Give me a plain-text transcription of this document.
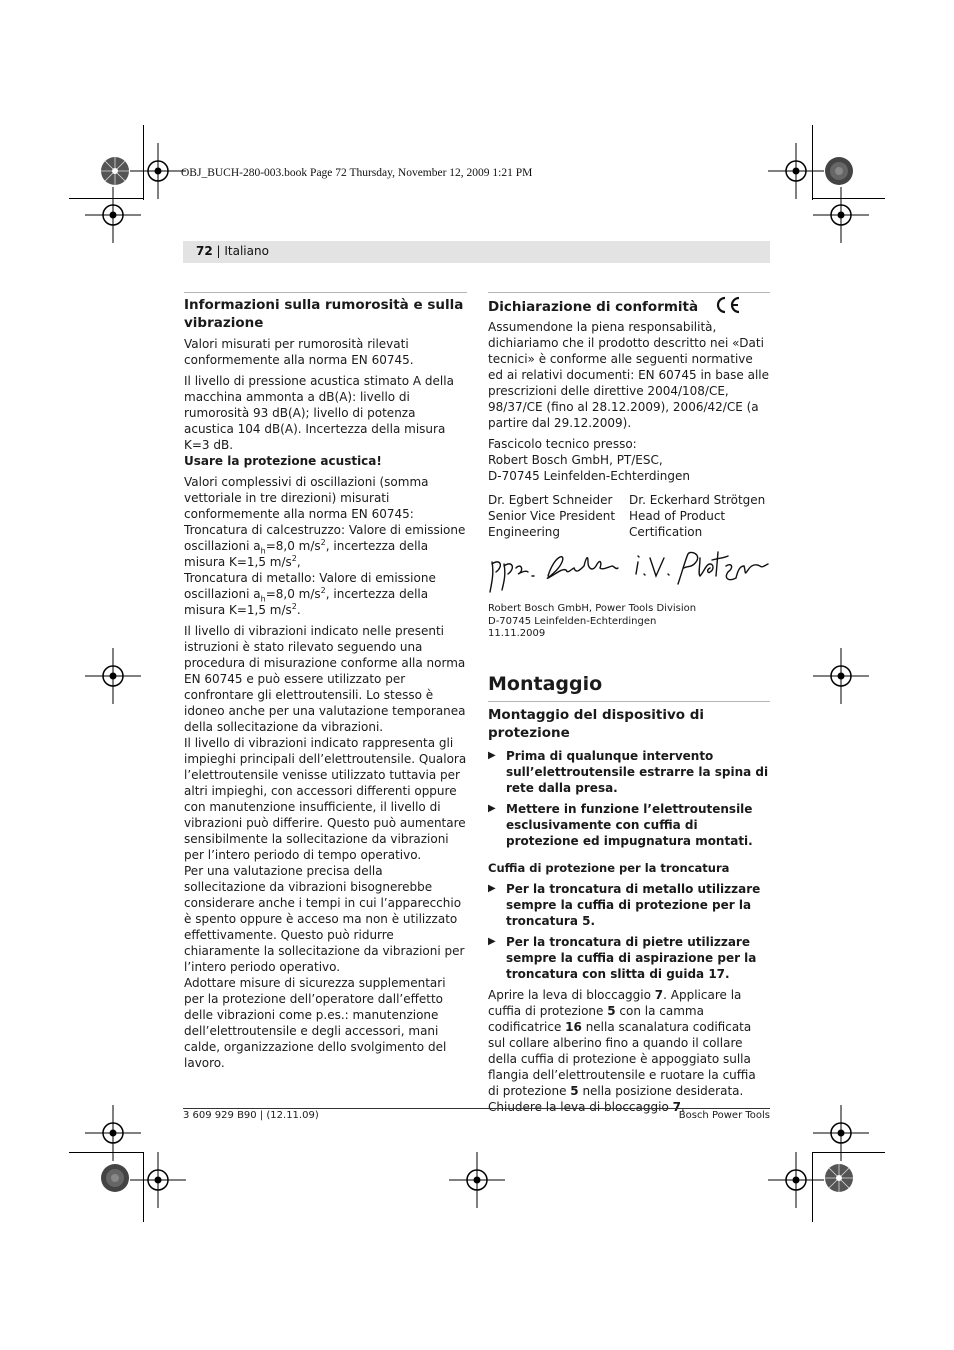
OBJ_BUCH-280-003.book Page 72 Thursday, November 12, 2009 1:21 PM
72 | Italiano

Informazioni sulla rumorosità e sulla vibrazione

Valori misurati per rumorosità rilevati conformemente alla norma EN 60745.

Il livello di pressione acustica stimato A della macchina ammonta a dB(A): livello di rumorosità 93 dB(A); livello di potenza acustica 104 dB(A). Incertezza della misura K=3 dB.

Usare la protezione acustica!

Valori complessivi di oscillazioni (somma vettoriale in tre direzioni) misurati conformemente alla norma EN 60745:

Troncatura di calcestruzzo: Valore di emissione oscillazioni $a_h=8,0$ $m/s^2$, incertezza della misura K=1,5 $m/s^2$,

Troncatura di metallo: Valore di emissione oscillazioni $a_h=8,0$ $m/s^2$, incertezza della misura K=1,5 $m/s^2$.

Il livello di vibrazioni indicato nelle presenti istruzioni è stato rilevato seguendo una procedura di misurazione conforme alla norma EN 60745 e può essere utilizzato per confrontare gli elettroutensili. Lo stesso è idoneo anche per una valutazione temporanea della sollecitazione da vibrazioni.

Il livello di vibrazioni indicato rappresenta gli impieghi principali dell’elettroutensile. Qualora l’elettroutensile venisse utilizzato tuttavia per altri impieghi, con accessori differenti oppure con manutenzione insufficiente, il livello di vibrazioni può differire. Questo può aumentare sensibilmente la sollecitazione da vibrazioni per l’intero periodo di tempo operativo.

Per una valutazione precisa della sollecitazione da vibrazioni bisognerebbe considerare anche i tempi in cui l’apparecchio è spento oppure è acceso ma non è utilizzato effettivamente. Questo può ridurre chiaramente la sollecitazione da vibrazioni per l’intero periodo operativo.

Adottare misure di sicurezza supplementari per la protezione dell’operatore dall’effetto delle vibrazioni come p.es.: manutenzione dell’elettroutensile e degli accessori, mani calde, organizzazione dello svolgimento del lavoro.

Dichiarazione di conformità

Assumendone la piena responsabilità, dichiariamo che il prodotto descritto nei «Dati tecnici» è conforme alle seguenti normative ed ai relativi documenti: EN 60745 in base alle prescrizioni delle direttive 2004/108/CE, 98/37/CE (fino al 28.12.2009), 2006/42/CE (a partire dal 29.12.2009).

Fascicolo tecnico presso:

Robert Bosch GmbH, PT/ESC,

D-70745 Leinfelden-Echterdingen

Dr. Egbert Schneider

Senior Vice President

Engineering

Dr. Eckerhard Strötgen

Head of Product

Certification

Robert Bosch GmbH, Power Tools Division

D-70745 Leinfelden-Echterdingen

11.11.2009

Montaggio

Montaggio del dispositivo di protezione

▶ Prima di qualunque intervento sull’elettroutensile estrarre la spina di rete dalla presa.

▶ Mettere in funzione l’elettroutensile esclusivamente con cuffia di protezione ed impugnatura montati.

Cuffia di protezione per la troncatura

▶ Per la troncatura di metallo utilizzare sempre la cuffia di protezione per la troncatura 5.

▶ Per la troncatura di pietre utilizzare sempre la cuffia di aspirazione per la troncatura con slitta di guida 17.

Aprire la leva di bloccaggio 7. Applicare la cuffia di protezione 5 con la camma codificatrice 16 nella scanalatura codificata sul collare alberino fino a quando il collare della cuffia di protezione è appoggiato sulla flangia dell’elettroutensile e ruotare la cuffia di protezione 5 nella posizione desiderata. Chiudere la leva di bloccaggio 7.

3 609 929 B90 | (12.11.09)	Bosch Power Tools
